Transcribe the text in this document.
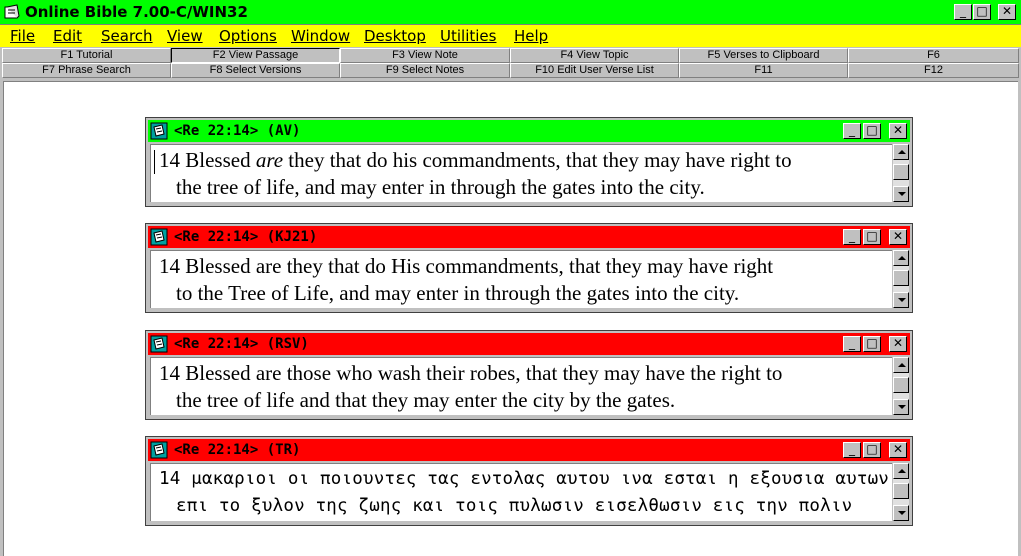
Online Bible 7.00-C/WIN32	_ □ ✕
File Edit Search View Options Window Desktop Utilities Help
F1 Tutorial	F2 View Passage	F3 View Note	F4 View Topic	F5 Verses to Clipboard	F6
F7 Phrase Search	F8 Select Versions	F9 Select Notes	F10 Edit User Verse List	F11	F12
<Re 22:14> (AV)	_ □ ✕
14 Blessed are they that do his commandments, that they may have right to
the tree of life, and may enter in through the gates into the city.
<Re 22:14> (KJ21)	_ □ ✕
14 Blessed are they that do His commandments, that they may have right
to the Tree of Life, and may enter in through the gates into the city.
<Re 22:14> (RSV)	_ □ ✕
14 Blessed are those who wash their robes, that they may have the right to
the tree of life and that they may enter the city by the gates.
<Re 22:14> (TR)	_ □ ✕
14 μακαριοι οι ποιουντες τας εντολας αυτου ινα εσται η εξουσια αυτων
επι το ξυλον της ζωης και τοις πυλωσιν εισελθωσιν εις την πολιν
